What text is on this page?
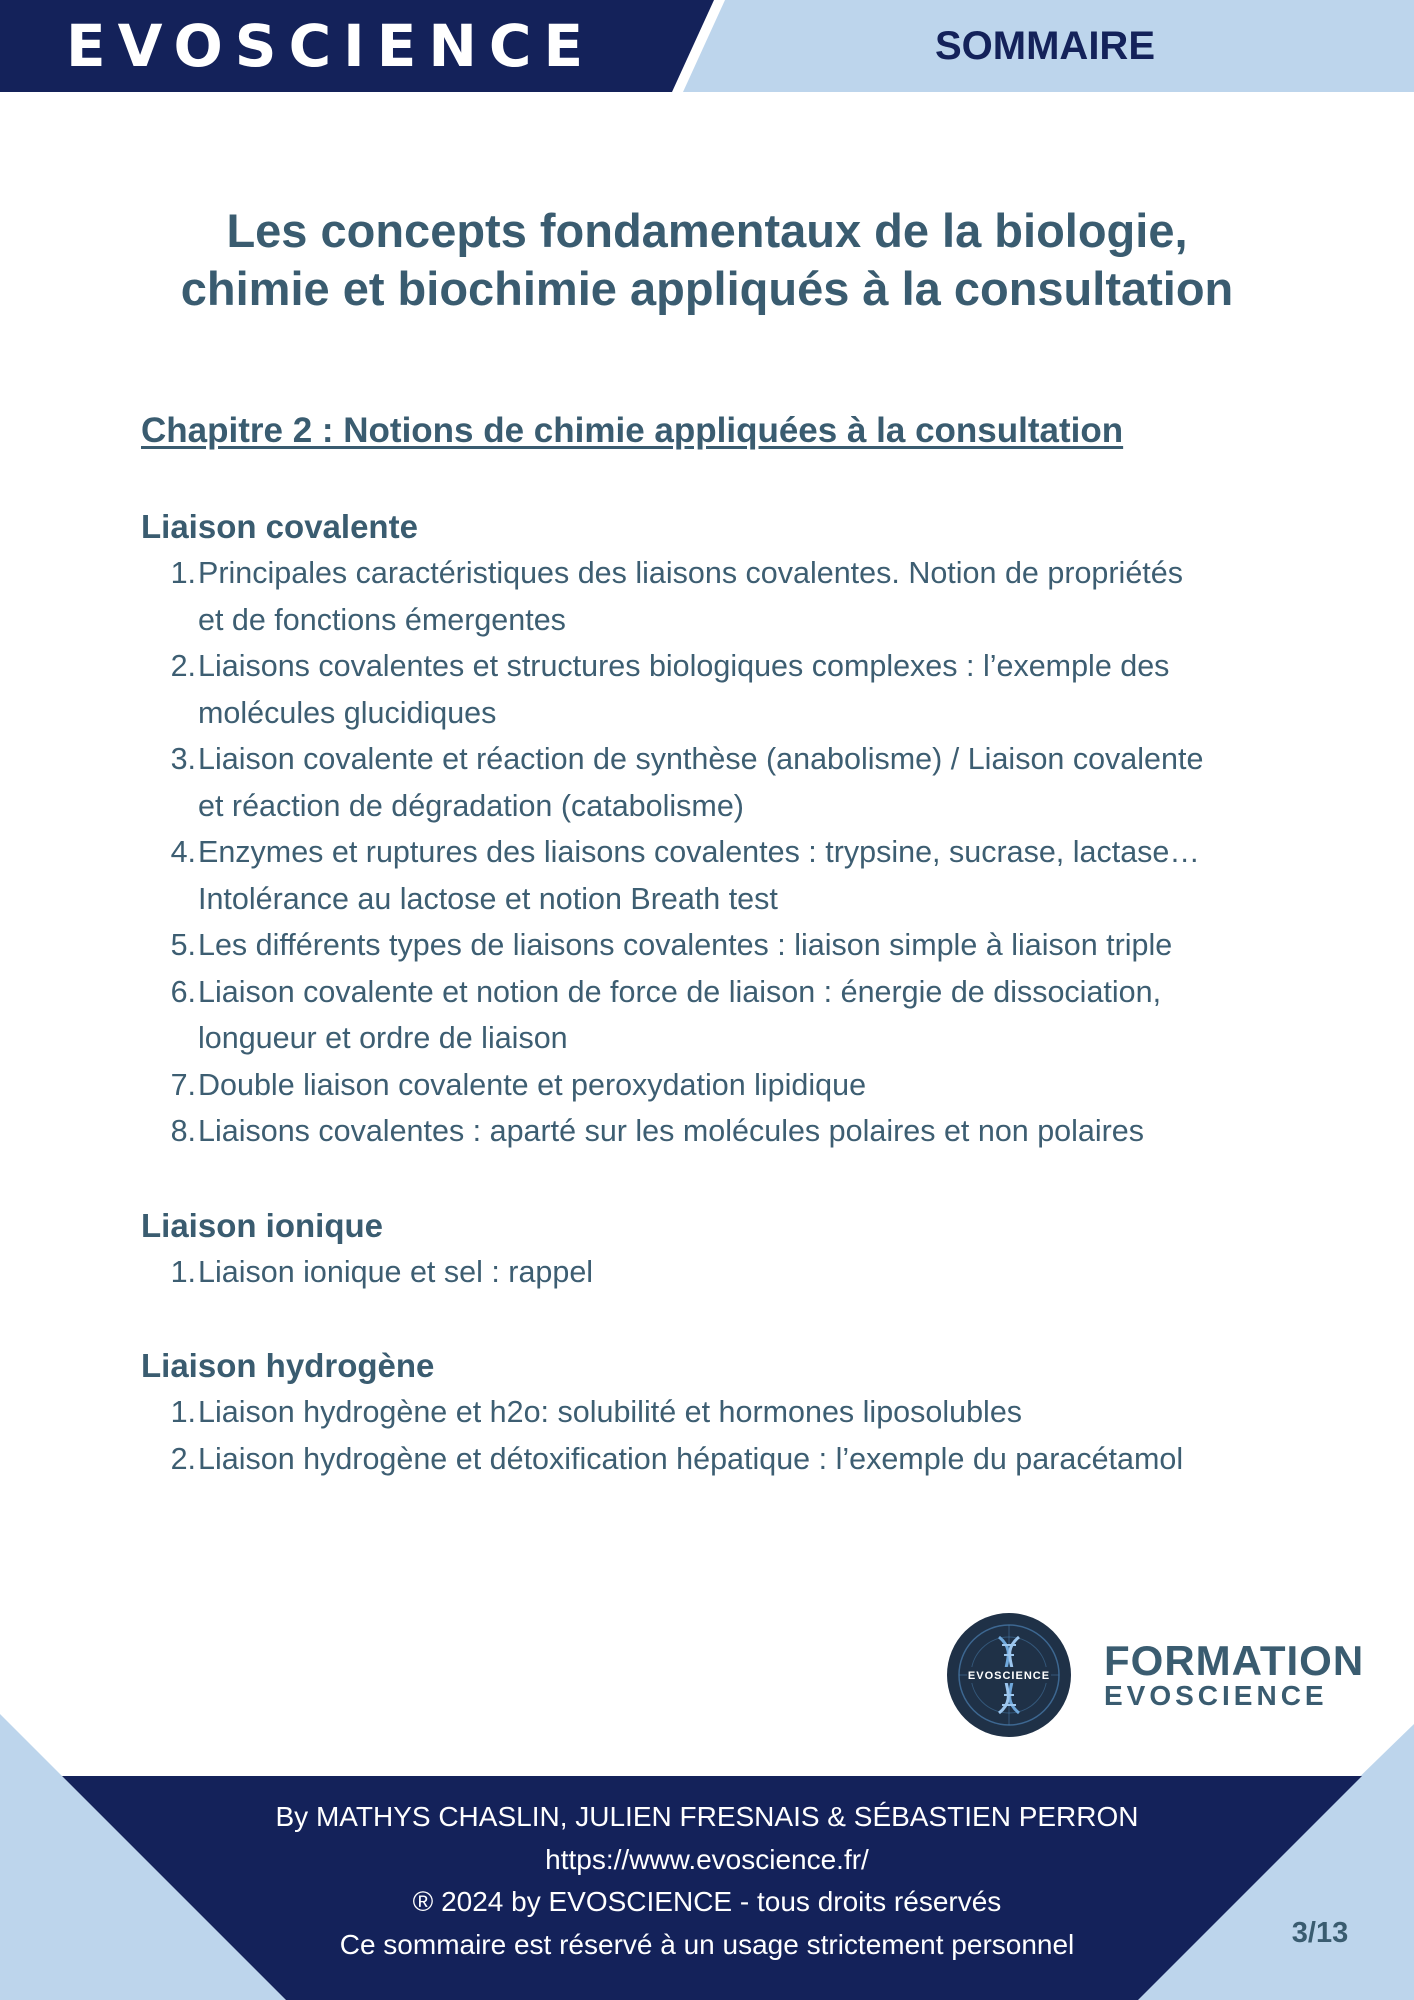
EVOSCIENCE	SOMMAIRE
Les concepts fondamentaux de la biologie,
chimie et biochimie appliqués à la consultation
Chapitre 2 : Notions de chimie appliquées à la consultation
Liaison covalente
1. Principales caractéristiques des liaisons covalentes. Notion de propriétés
et de fonctions émergentes
2. Liaisons covalentes et structures biologiques complexes : l’exemple des
molécules glucidiques
3. Liaison covalente et réaction de synthèse (anabolisme) / Liaison covalente
et réaction de dégradation (catabolisme)
4. Enzymes et ruptures des liaisons covalentes : trypsine, sucrase, lactase…
Intolérance au lactose et notion Breath test
5. Les différents types de liaisons covalentes : liaison simple à liaison triple
6. Liaison covalente et notion de force de liaison : énergie de dissociation,
longueur et ordre de liaison
7. Double liaison covalente et peroxydation lipidique
8. Liaisons covalentes : aparté sur les molécules polaires et non polaires
Liaison ionique
1. Liaison ionique et sel : rappel
Liaison hydrogène
1. Liaison hydrogène et h2o: solubilité et hormones liposolubles
2. Liaison hydrogène et détoxification hépatique : l’exemple du paracétamol
EVOSCIENCE FORMATION
EVOSCIENCE
By MATHYS CHASLIN, JULIEN FRESNAIS & SÉBASTIEN PERRON
https://www.evoscience.fr/
® 2024 by EVOSCIENCE - tous droits réservés
Ce sommaire est réservé à un usage strictement personnel	3/13
